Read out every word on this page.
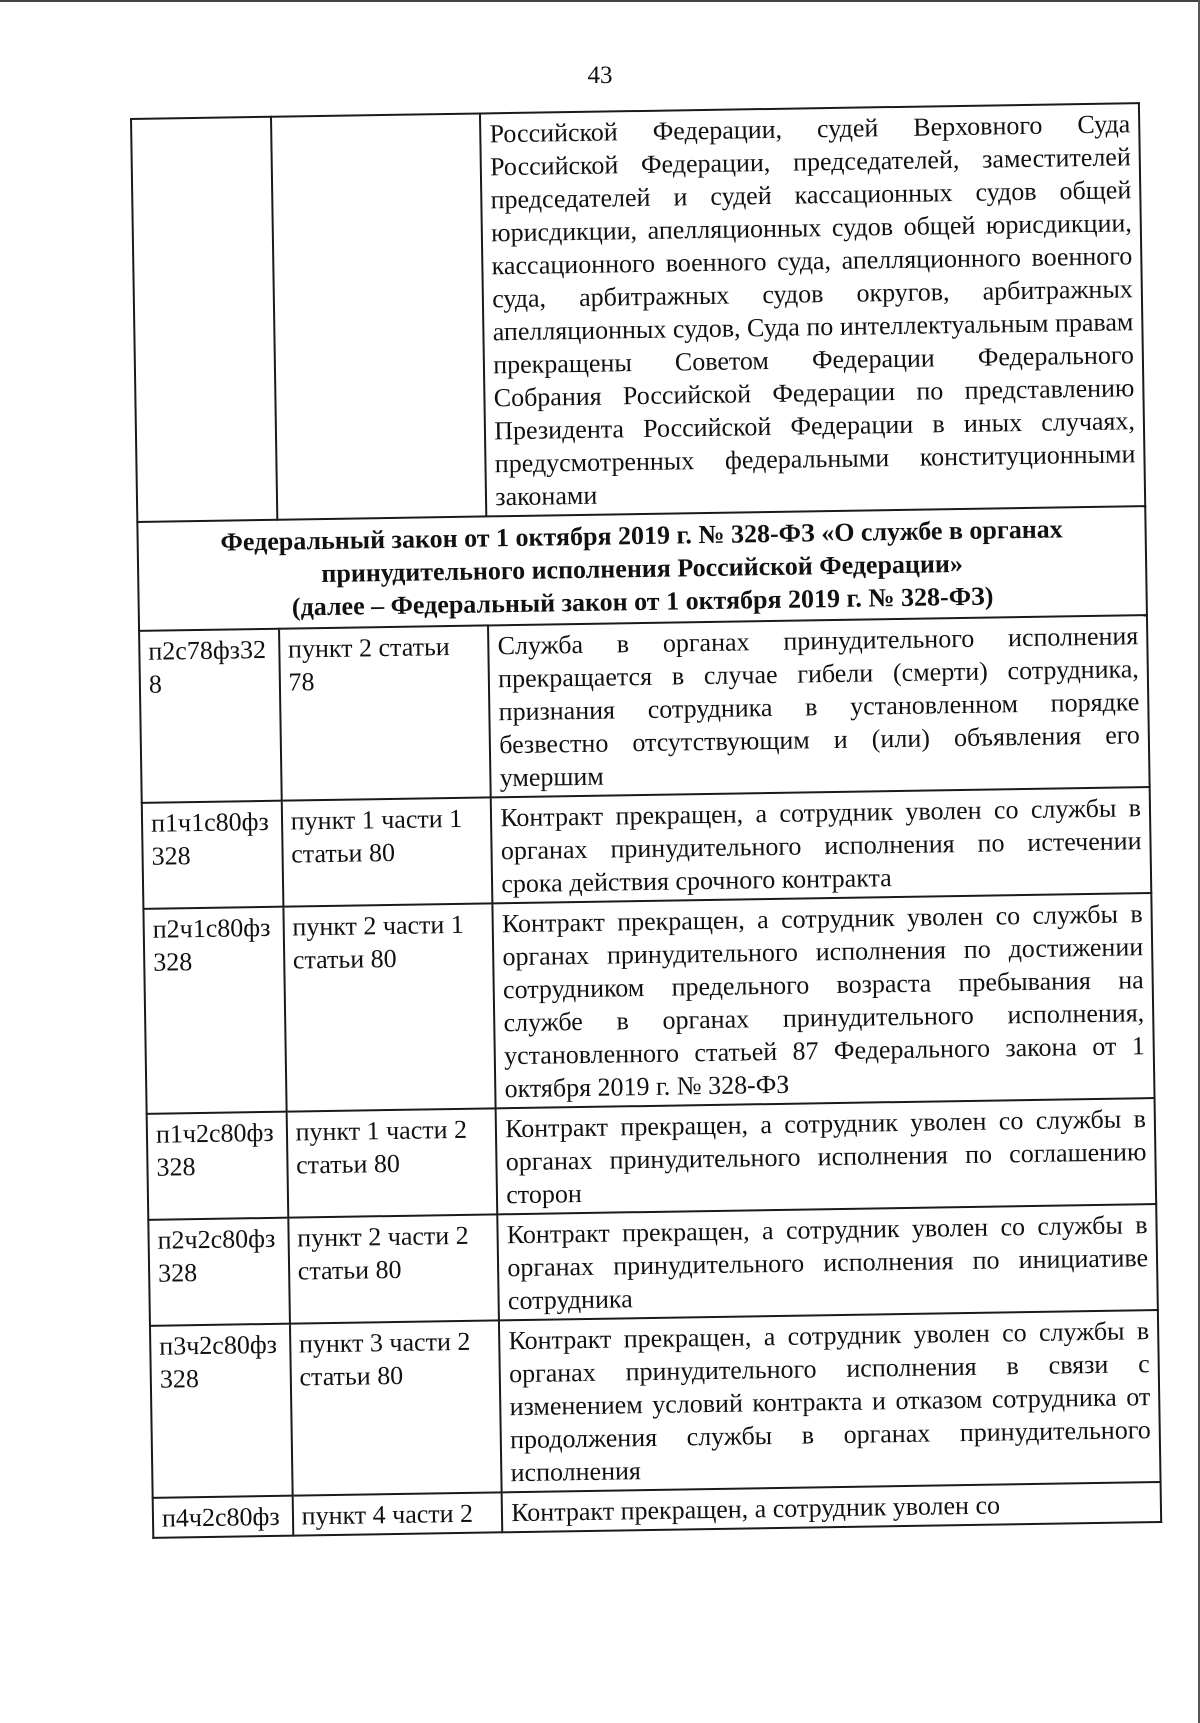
43
		Российской Федерации, судей Верховного Суда Российской Федерации, председателей, заместителей председателей и судей кассационных судов общей юрисдикции, апелляционных судов общей юрисдикции, кассационного военного суда, апелляционного военного суда, арбитражных судов округов, арбитражных апелляционных судов, Суда по интеллектуальным правам прекращены Советом Федерации Федерального Собрания Российской Федерации по представлению Президента Российской Федерации в иных случаях, предусмотренных федеральными конституционными законами

Федеральный закон от 1 октября 2019 г. № 328-ФЗ «О службе в органах
принудительного исполнения Российской Федерации»
(далее – Федеральный закон от 1 октября 2019 г. № 328-ФЗ)		

п2с78фз328	пункт 2 статьи 78	Служба в органах принудительного исполнения прекращается в случае гибели (смерти) сотрудника, признания сотрудника в установленном порядке безвестно отсутствующим и (или) объявления его умершим
п1ч1с80фз 328	пункт 1 части 1 статьи 80	Контракт прекращен, а сотрудник уволен со службы в органах принудительного исполнения по истечении срока действия срочного контракта
п2ч1с80фз 328	пункт 2 части 1 статьи 80	Контракт прекращен, а сотрудник уволен со службы в органах принудительного исполнения по достижении сотрудником предельного возраста пребывания на службе в органах принудительного исполнения, установленного статьей 87 Федерального закона от 1 октября 2019 г. № 328-ФЗ
п1ч2с80фз 328	пункт 1 части 2 статьи 80	Контракт прекращен, а сотрудник уволен со службы в органах принудительного исполнения по соглашению сторон
п2ч2с80фз 328	пункт 2 части 2 статьи 80	Контракт прекращен, а сотрудник уволен со службы в органах принудительного исполнения по инициативе сотрудника
п3ч2с80фз 328	пункт 3 части 2 статьи 80	Контракт прекращен, а сотрудник уволен со службы в органах принудительного исполнения в связи с изменением условий контракта и отказом сотрудника от продолжения службы в органах принудительного исполнения
п4ч2с80фз	пункт 4 части 2	Контракт прекращен, а сотрудник уволен со
